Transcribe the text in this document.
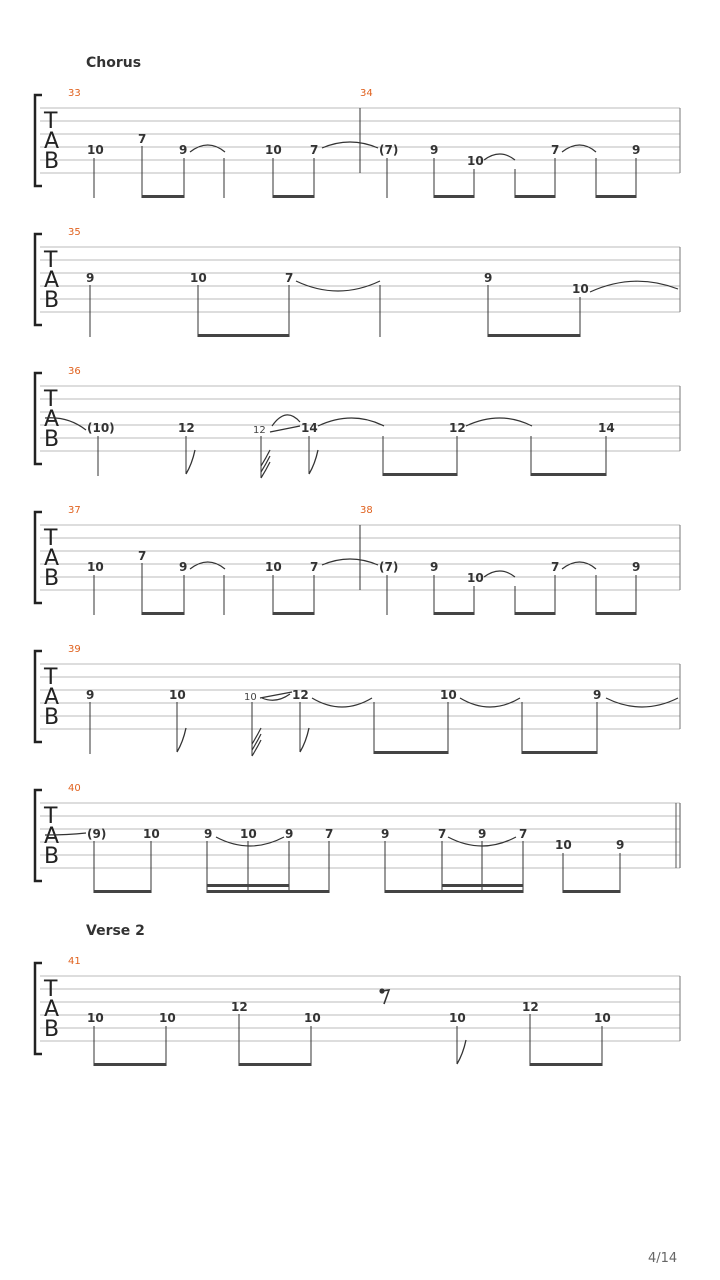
Chorus
Verse 2
T
A
B
33	34
10
7
9	10 7	(7)	9
10
7	9
T
A
B
35
9	10	7	9
10
T
A
B
36
(10)	12	12	14	12	14
T
A
B
37	38
10
7
9	10 7	(7)	9
10
7	9
T
A
B
39
9	10	10	12	10	9
T
A
B
40
(9)	10	9 10 9	7	9	7	9	7
10	9
T
A
B
41
10	10
12
10	10
12
10
4/14
